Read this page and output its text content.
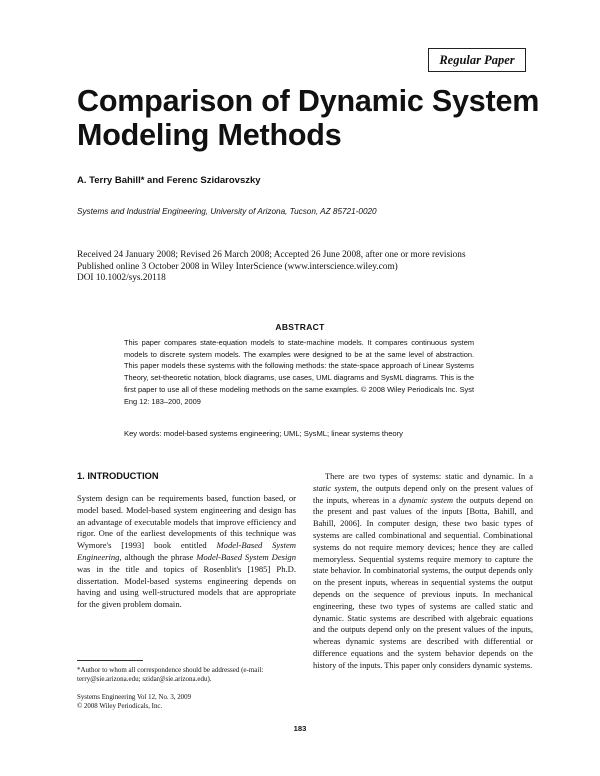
Regular Paper
Comparison of Dynamic System Modeling Methods
A. Terry Bahill* and Ferenc Szidarovszky
Systems and Industrial Engineering, University of Arizona, Tucson, AZ 85721-0020
Received 24 January 2008; Revised 26 March 2008; Accepted 26 June 2008, after one or more revisions
Published online 3 October 2008 in Wiley InterScience (www.interscience.wiley.com)
DOI 10.1002/sys.20118
ABSTRACT
This paper compares state-equation models to state-machine models. It compares continuous system models to discrete system models. The examples were designed to be at the same level of abstraction. This paper models these systems with the following methods: the state-space approach of Linear Systems Theory, set-theoretic notation, block diagrams, use cases, UML diagrams and SysML diagrams. This is the first paper to use all of these modeling methods on the same examples. © 2008 Wiley Periodicals Inc. Syst Eng 12: 183–200, 2009
Key words: model-based systems engineering; UML; SysML; linear systems theory
1. INTRODUCTION
System design can be requirements based, function based, or model based. Model-based system engineering and design has an advantage of executable models that improve efficiency and rigor. One of the earliest developments of this technique was Wymore's [1993] book entitled Model-Based System Engineering, although the phrase Model-Based System Design was in the title and topics of Rosenblit's [1985] Ph.D. dissertation. Model-based systems engineering depends on having and using well-structured models that are appropriate for the given problem domain.
There are two types of systems: static and dynamic. In a static system, the outputs depend only on the present values of the inputs, whereas in a dynamic system the outputs depend on the present and past values of the inputs [Botta, Bahill, and Bahill, 2006]. In computer design, these two basic types of systems are called combinational and sequential. Combinational systems do not require memory devices; hence they are called memoryless. Sequential systems require memory to capture the state behavior. In combinatorial systems, the output depends only on the present inputs, whereas in sequential systems the output depends on the sequence of previous inputs. In mechanical engineering, these two types of systems are called static and dynamic. Static systems are described with algebraic equations and the outputs depend only on the present values of the inputs, whereas dynamic systems are described with differential or difference equations and the system behavior depends on the history of the inputs. This paper only considers dynamic systems.
*Author to whom all correspondence should be addressed (e-mail: terry@sie.arizona.edu; szidar@sie.arizona.edu).
Systems Engineering Vol 12, No. 3, 2009
© 2008 Wiley Periodicals, Inc.
183
